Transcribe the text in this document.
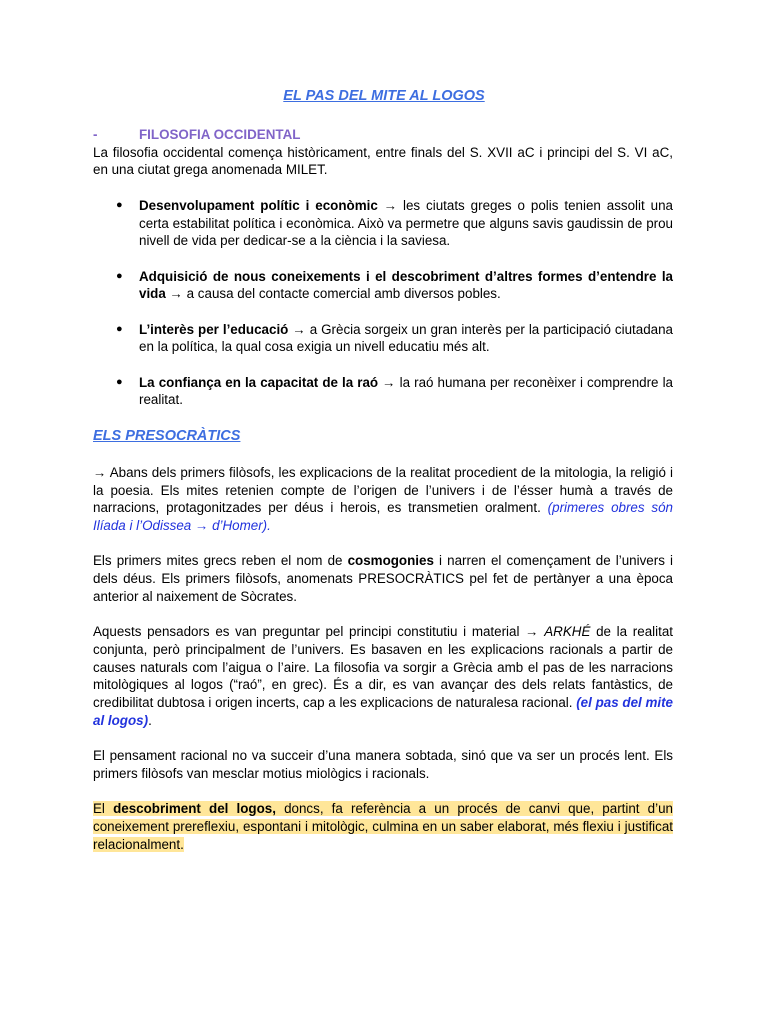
EL PAS DEL MITE AL LOGOS
-	FILOSOFIA OCCIDENTAL

La filosofia occidental comença històricament, entre finals del S. XVII aC i principi del S. VI aC, en una ciutat grega anomenada MILET.

● Desenvolupament polític i econòmic → les ciutats greges o polis tenien assolit una certa estabilitat política i econòmica. Això va permetre que alguns savis gaudissin de prou nivell de vida per dedicar-se a la ciència i la saviesa.
● Adquisició de nous coneixements i el descobriment d’altres formes d’entendre la vida → a causa del contacte comercial amb diversos pobles.
● L’interès per l’educació → a Grècia sorgeix un gran interès per la participació ciutadana en la política, la qual cosa exigia un nivell educatiu més alt.
● La confiança en la capacitat de la raó → la raó humana per reconèixer i comprendre la realitat.
ELS PRESOCRÀTICS

→ Abans dels primers filòsofs, les explicacions de la realitat procedient de la mitologia, la religió i la poesia. Els mites retenien compte de l’origen de l’univers i de l’ésser humà a través de narracions, protagonitzades per déus i herois, es transmetien oralment. (primeres obres són Ilíada i l’Odissea → d’Homer).

Els primers mites grecs reben el nom de cosmogonies i narren el començament de l’univers i dels déus. Els primers filòsofs, anomenats PRESOCRÀTICS pel fet de pertànyer a una època anterior al naixement de Sòcrates.

Aquests pensadors es van preguntar pel principi constitutiu i material → ARKHÉ de la realitat conjunta, però principalment de l’univers. Es basaven en les explicacions racionals a partir de causes naturals com l’aigua o l’aire. La filosofia va sorgir a Grècia amb el pas de les narracions mitològiques al logos (“raó”, en grec). És a dir, es van avançar des dels relats fantàstics, de credibilitat dubtosa i origen incerts, cap a les explicacions de naturalesa racional. (el pas del mite al logos).

El pensament racional no va succeir d’una manera sobtada, sinó que va ser un procés lent. Els primers filòsofs van mesclar motius miològics i racionals.

El descobriment del logos, doncs, fa referència a un procés de canvi que, partint d’un coneixement prereflexiu, espontani i mitològic, culmina en un saber elaborat, més flexiu i justificat relacionalment.
